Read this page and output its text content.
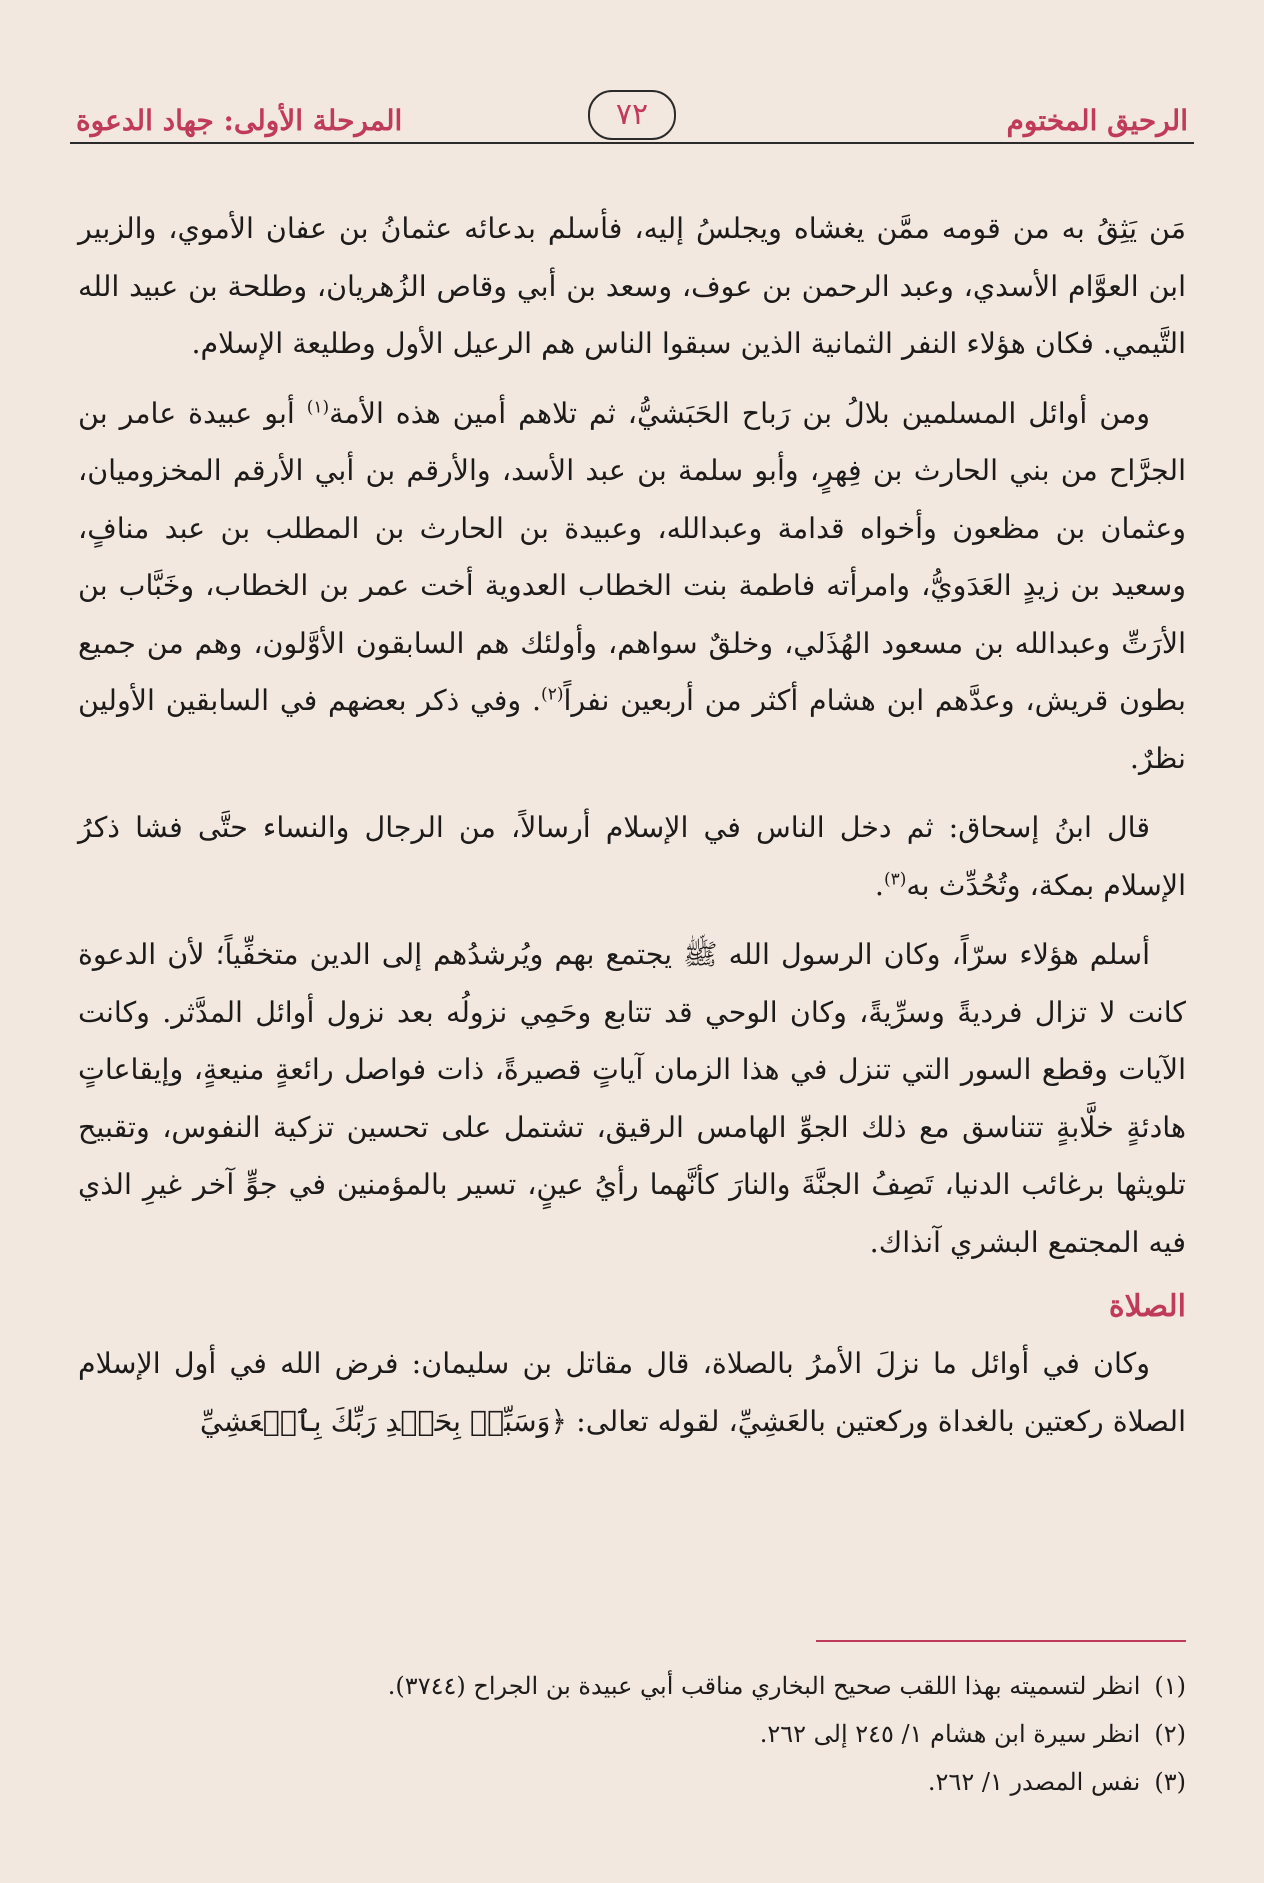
الرحيق المختوم
٧٢
المرحلة الأولى: جهاد الدعوة

مَن يَثِقُ به من قومه ممَّن يغشاه ويجلسُ إليه، فأسلم بدعائه عثمانُ بن عفان الأموي، والزبير ابن العوَّام الأسدي، وعبد الرحمن بن عوف، وسعد بن أبي وقاص الزُهريان، وطلحة بن عبيد الله التَّيمي. فكان هؤلاء النفر الثمانية الذين سبقوا الناس هم الرعيل الأول وطليعة الإسلام.

ومن أوائل المسلمين بلالُ بن رَباح الحَبَشيُّ، ثم تلاهم أمين هذه الأمة$^{(١)}$ أبو عبيدة عامر بن الجرَّاح من بني الحارث بن فِهرٍ، وأبو سلمة بن عبد الأسد، والأرقم بن أبي الأرقم المخزوميان، وعثمان بن مظعون وأخواه قدامة وعبدالله، وعبيدة بن الحارث بن المطلب بن عبد منافٍ، وسعيد بن زيدٍ العَدَويُّ، وامرأته فاطمة بنت الخطاب العدوية أخت عمر بن الخطاب، وخَبَّاب بن الأرَتِّ وعبدالله بن مسعود الهُذَلي، وخلقٌ سواهم، وأولئك هم السابقون الأوَّلون، وهم من جميع بطون قريش، وعدَّهم ابن هشام أكثر من أربعين نفراً$^{(٢)}$. وفي ذكر بعضهم في السابقين الأولين نظرٌ.

قال ابنُ إسحاق: ثم دخل الناس في الإسلام أرسالاً، من الرجال والنساء حتَّى فشا ذكرُ الإسلام بمكة، وتُحُدِّث به$^{(٣)}$.

أسلم هؤلاء سرّاً، وكان الرسول الله ﷺ يجتمع بهم ويُرشدُهم إلى الدين متخفِّياً؛ لأن الدعوة كانت لا تزال فرديةً وسرِّيةً، وكان الوحي قد تتابع وحَمِي نزولُه بعد نزول أوائل المدَّثر. وكانت الآيات وقطع السور التي تنزل في هذا الزمان آياتٍ قصيرةً، ذات فواصل رائعةٍ منيعةٍ، وإيقاعاتٍ هادئةٍ خلَّابةٍ تتناسق مع ذلك الجوِّ الهامس الرقيق، تشتمل على تحسين تزكية النفوس، وتقبيح تلويثها برغائب الدنيا، تَصِفُ الجنَّةَ والنارَ كأنَّهما رأيُ عينٍ، تسير بالمؤمنين في جوٍّ آخر غيرِ الذي فيه المجتمع البشري آنذاك.

الصلاة

وكان في أوائل ما نزلَ الأمرُ بالصلاة، قال مقاتل بن سليمان: فرض الله في أول الإسلام الصلاة ركعتين بالغداة وركعتين بالعَشِيِّ، لقوله تعالى: ﴿وَسَبِّحۡ بِحَمۡدِ رَبِّكَ بِٱلۡعَشِيِّ

(١)
انظر لتسميته بهذا اللقب صحيح البخاري مناقب أبي عبيدة بن الجراح (٣٧٤٤).
(٢)
انظر سيرة ابن هشام ١/ ٢٤٥ إلى ٢٦٢.
(٣)
نفس المصدر ١/ ٢٦٢.
